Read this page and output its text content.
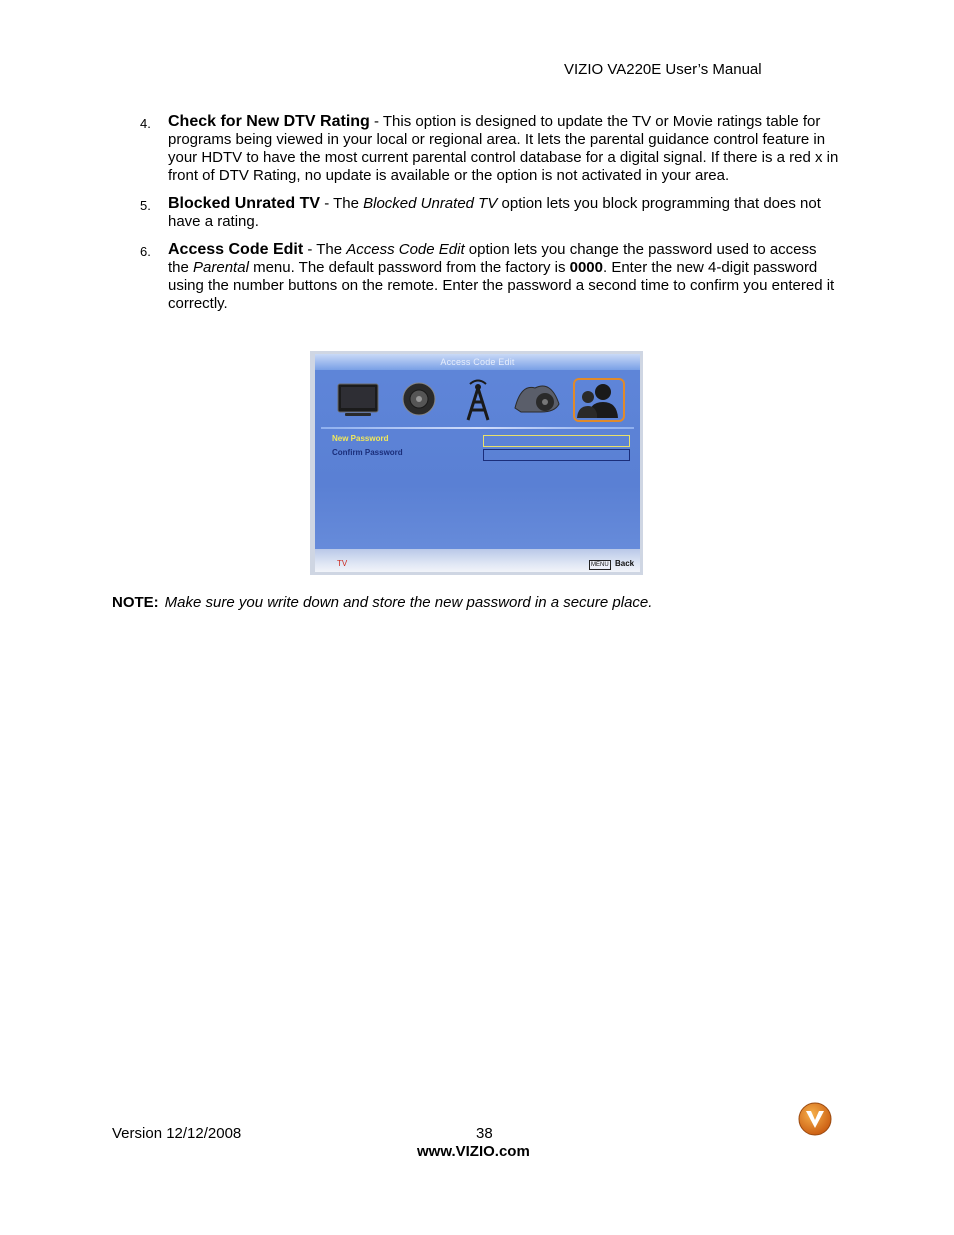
VIZIO VA220E User’s Manual
4. Check for New DTV Rating - This option is designed to update the TV or Movie ratings table for programs being viewed in your local or regional area. It lets the parental guidance control feature in your HDTV to have the most current parental control database for a digital signal. If there is a red x in front of DTV Rating, no update is available or the option is not activated in your area.
5. Blocked Unrated TV - The Blocked Unrated TV option lets you block programming that does not have a rating.
6. Access Code Edit - The Access Code Edit option lets you change the password used to access the Parental menu. The default password from the factory is 0000. Enter the new 4-digit password using the number buttons on the remote. Enter the password a second time to confirm you entered it correctly.
Access Code Edit
New Password
Confirm Password
TV	MENU Back
NOTE: Make sure you write down and store the new password in a secure place.
Version 12/12/2008	38
www.VIZIO.com
